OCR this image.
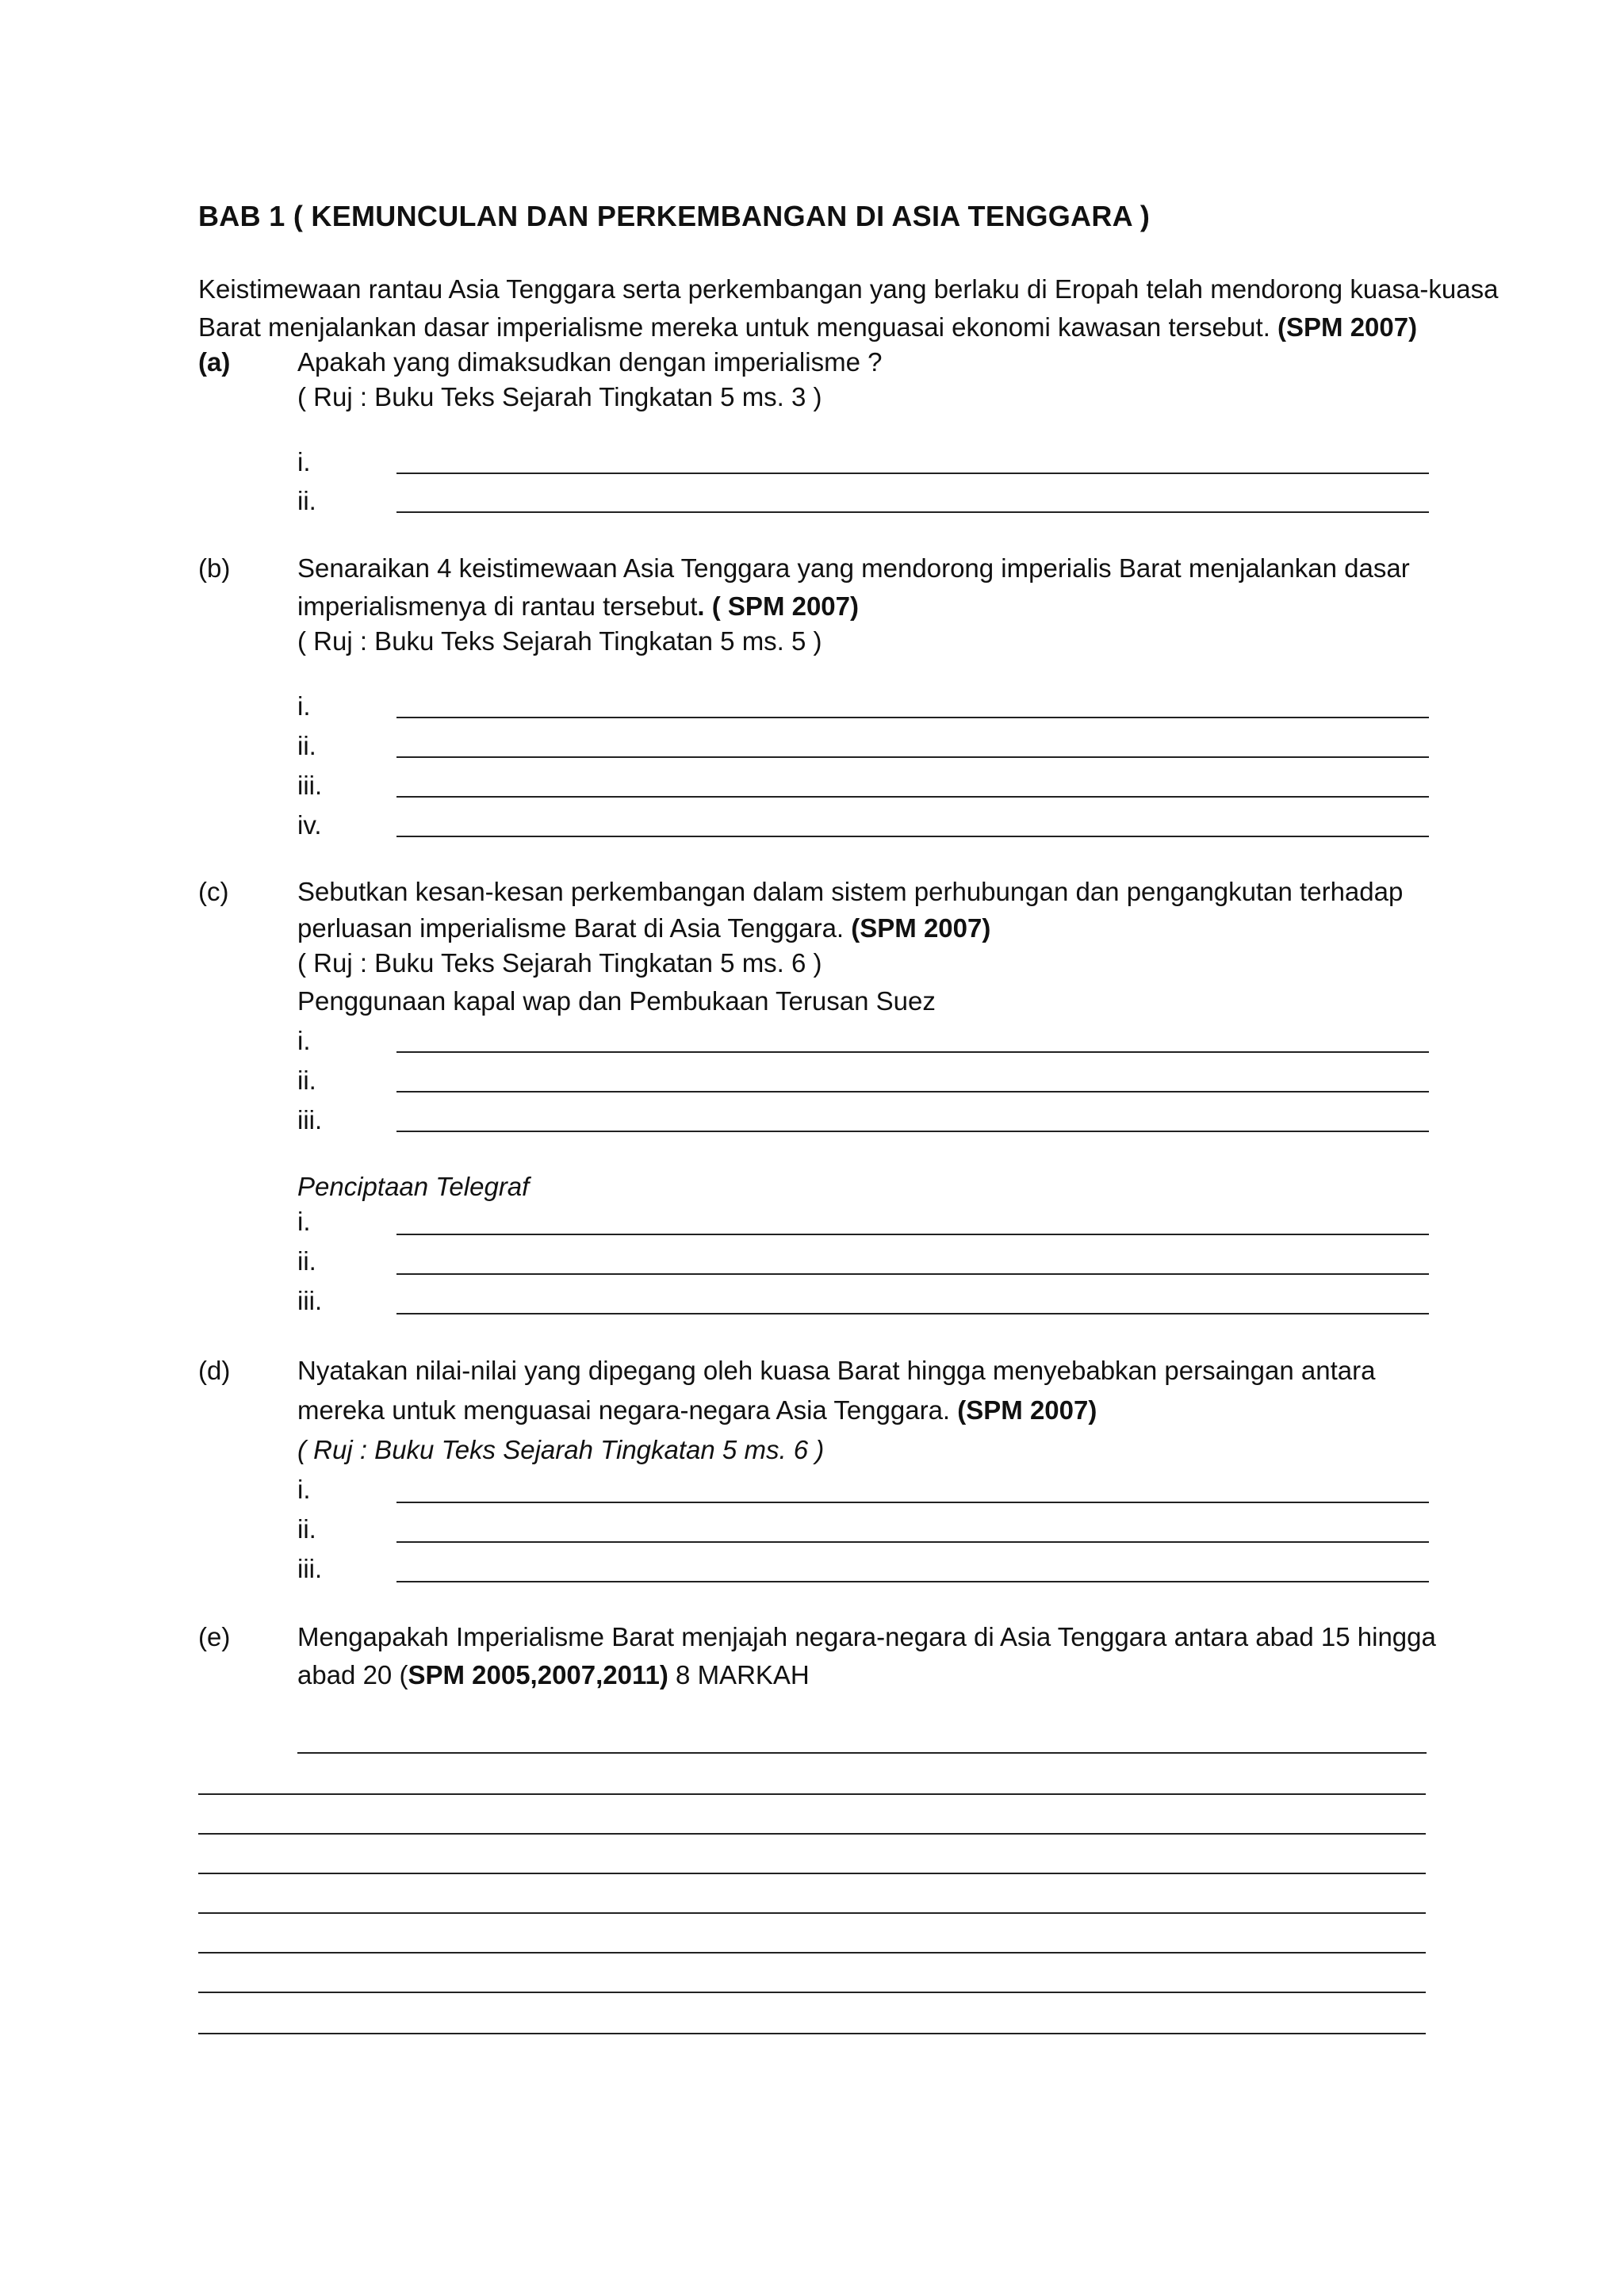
BAB 1 ( KEMUNCULAN DAN PERKEMBANGAN DI ASIA TENGGARA )
Keistimewaan rantau Asia Tenggara serta perkembangan yang berlaku di Eropah telah mendorong kuasa-kuasa
Barat menjalankan dasar imperialisme mereka untuk menguasai ekonomi kawasan tersebut. (SPM 2007)
(a)	Apakah yang dimaksudkan dengan imperialisme ?
( Ruj : Buku Teks Sejarah Tingkatan 5 ms. 3 )
i.
ii.
(b)	Senaraikan 4 keistimewaan Asia Tenggara yang mendorong imperialis Barat menjalankan dasar
imperialismenya di rantau tersebut. ( SPM 2007)
( Ruj : Buku Teks Sejarah Tingkatan 5 ms. 5 )
i.
ii.
iii.
iv.
(c)	Sebutkan kesan-kesan perkembangan dalam sistem perhubungan dan pengangkutan terhadap
perluasan imperialisme Barat di Asia Tenggara. (SPM 2007)
( Ruj : Buku Teks Sejarah Tingkatan 5 ms. 6 )
Penggunaan kapal wap dan Pembukaan Terusan Suez
i.
ii.
iii.
Penciptaan Telegraf
i.
ii.
iii.
(d)	Nyatakan nilai-nilai yang dipegang oleh kuasa Barat hingga menyebabkan persaingan antara
mereka untuk menguasai negara-negara Asia Tenggara. (SPM 2007)
( Ruj : Buku Teks Sejarah Tingkatan 5 ms. 6 )
i.
ii.
iii.
(e)	Mengapakah Imperialisme Barat menjajah negara-negara di Asia Tenggara antara abad 15 hingga
abad 20 (SPM 2005,2007,2011) 8 MARKAH
